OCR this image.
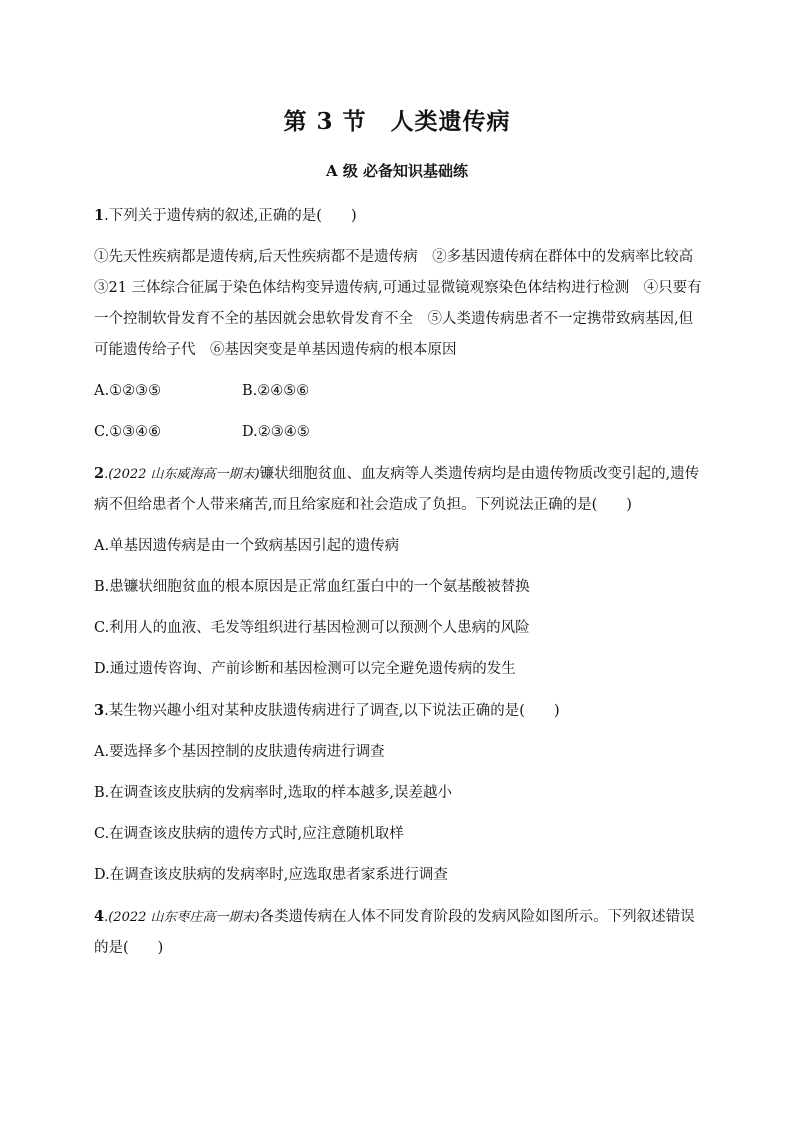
第 3 节　人类遗传病
A 级 必备知识基础练

1.下列关于遗传病的叙述,正确的是(　　)

①先天性疾病都是遗传病,后天性疾病都不是遗传病　②多基因遗传病在群体中的发病率比较高　③21 三体综合征属于染色体结构变异遗传病,可通过显微镜观察染色体结构进行检测　④只要有一个控制软骨发育不全的基因就会患软骨发育不全　⑤人类遗传病患者不一定携带致病基因,但可能遗传给子代　⑥基因突变是单基因遗传病的根本原因

A.①②③⑤	B.②④⑤⑥
C.①③④⑥	D.②③④⑤

2.(2022 山东威海高一期末)镰状细胞贫血、血友病等人类遗传病均是由遗传物质改变引起的,遗传病不但给患者个人带来痛苦,而且给家庭和社会造成了负担。下列说法正确的是(　　)

A.单基因遗传病是由一个致病基因引起的遗传病

B.患镰状细胞贫血的根本原因是正常血红蛋白中的一个氨基酸被替换

C.利用人的血液、毛发等组织进行基因检测可以预测个人患病的风险

D.通过遗传咨询、产前诊断和基因检测可以完全避免遗传病的发生

3.某生物兴趣小组对某种皮肤遗传病进行了调查,以下说法正确的是(　　)

A.要选择多个基因控制的皮肤遗传病进行调查

B.在调查该皮肤病的发病率时,选取的样本越多,误差越小

C.在调查该皮肤病的遗传方式时,应注意随机取样

D.在调查该皮肤病的发病率时,应选取患者家系进行调查

4.(2022 山东枣庄高一期末)各类遗传病在人体不同发育阶段的发病风险如图所示。下列叙述错误的是(　　)
